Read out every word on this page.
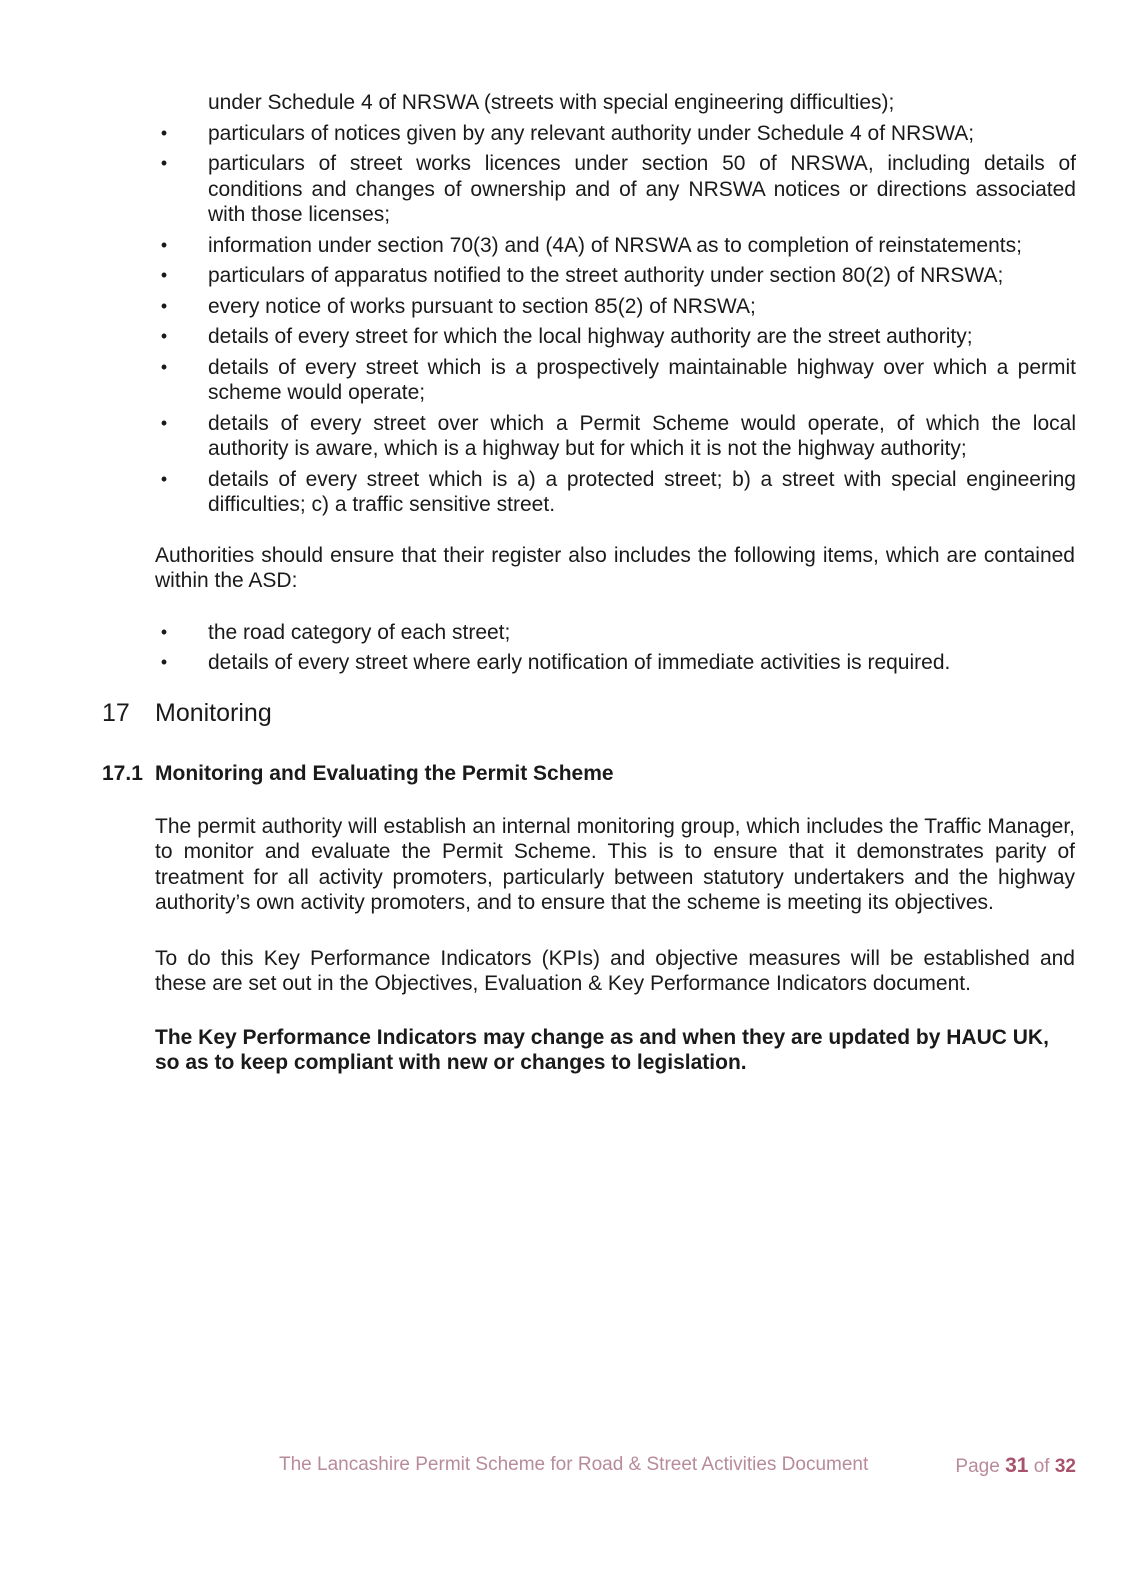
under Schedule 4 of NRSWA (streets with special engineering difficulties);
•	particulars of notices given by any relevant authority under Schedule 4 of NRSWA;
•	particulars of street works licences under section 50 of NRSWA, including details of conditions and changes of ownership and of any NRSWA notices or directions associated with those licenses;
•	information under section 70(3) and (4A) of NRSWA as to completion of reinstatements;
•	particulars of apparatus notified to the street authority under section 80(2) of NRSWA;
•	every notice of works pursuant to section 85(2) of NRSWA;
•	details of every street for which the local highway authority are the street authority;
•	details of every street which is a prospectively maintainable highway over which a permit scheme would operate;
•	details of every street over which a Permit Scheme would operate, of which the local authority is aware, which is a highway but for which it is not the highway authority;
•	details of every street which is a) a protected street; b) a street with special engineering difficulties; c) a traffic sensitive street.
Authorities should ensure that their register also includes the following items, which are contained within the ASD:
•	the road category of each street;
•	details of every street where early notification of immediate activities is required.
17 Monitoring
17.1 Monitoring and Evaluating the Permit Scheme
The permit authority will establish an internal monitoring group, which includes the Traffic Manager, to monitor and evaluate the Permit Scheme. This is to ensure that it demonstrates parity of treatment for all activity promoters, particularly between statutory undertakers and the highway authority’s own activity promoters, and to ensure that the scheme is meeting its objectives.
To do this Key Performance Indicators (KPIs) and objective measures will be established and these are set out in the Objectives, Evaluation & Key Performance Indicators document.
The Key Performance Indicators may change as and when they are updated by HAUC UK, so as to keep compliant with new or changes to legislation.
The Lancashire Permit Scheme for Road & Street Activities Document	Page 31 of 32
